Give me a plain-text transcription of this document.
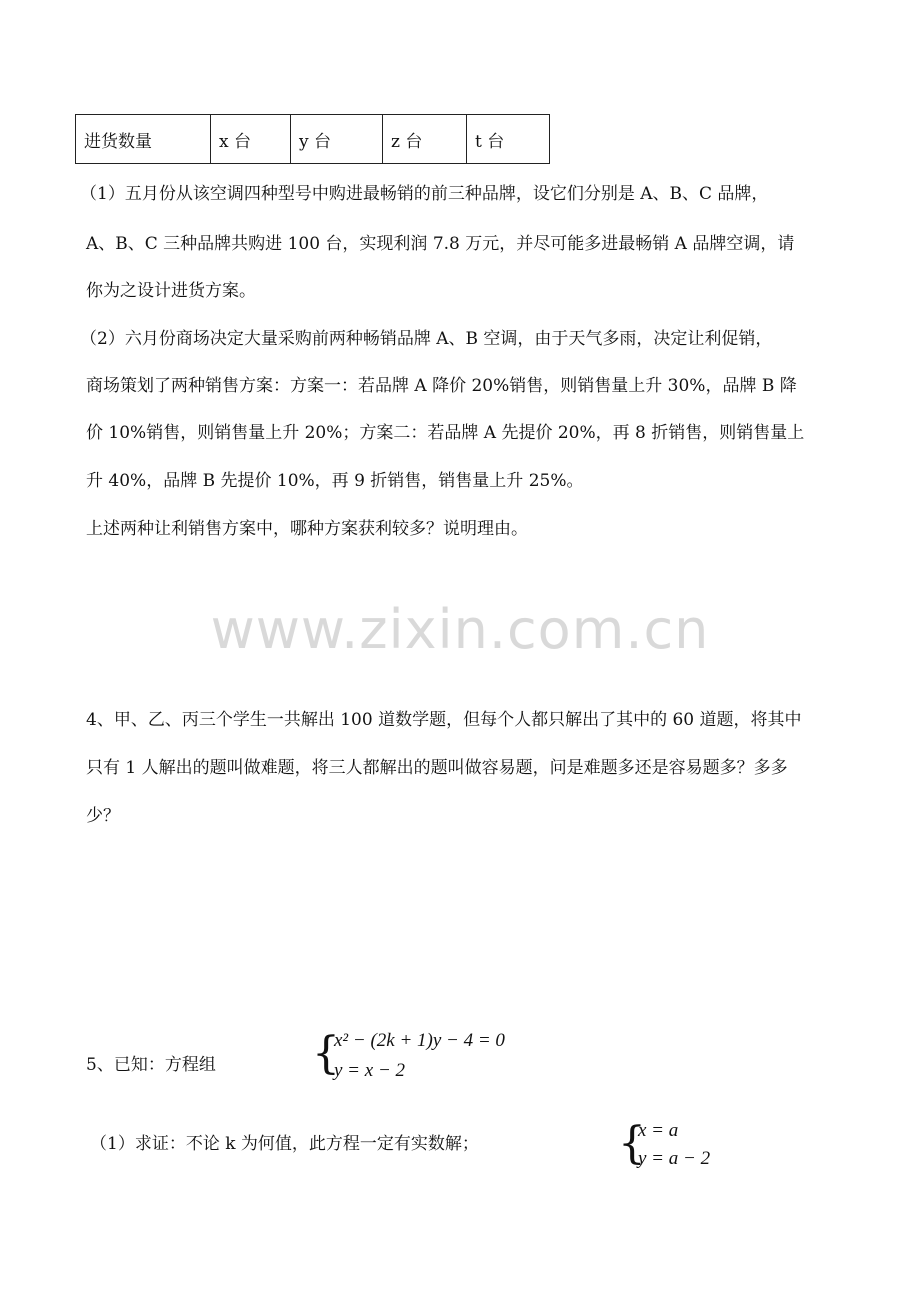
进货数量	x 台	y 台	z 台	t 台
（1）五月份从该空调四种型号中购进最畅销的前三种品牌，设它们分别是 A、B、C 品牌，
A、B、C 三种品牌共购进 100 台，实现利润 7.8 万元，并尽可能多进最畅销 A 品牌空调，请
你为之设计进货方案。
（2）六月份商场决定大量采购前两种畅销品牌 A、B 空调，由于天气多雨，决定让利促销，
商场策划了两种销售方案：方案一：若品牌 A 降价 20%销售，则销售量上升 30%，品牌 B 降
价 10%销售，则销售量上升 20%；方案二：若品牌 A 先提价 20%，再 8 折销售，则销售量上
升 40%，品牌 B 先提价 10%，再 9 折销售，销售量上升 25%。
上述两种让利销售方案中，哪种方案获利较多？说明理由。
www.zixin.com.cn
4、甲、乙、丙三个学生一共解出 100 道数学题，但每个人都只解出了其中的 60 道题，将其中
只有 1 人解出的题叫做难题，将三人都解出的题叫做容易题，问是难题多还是容易题多？多多
少？
5、已知：方程组 {
x² − (2k + 1)y − 4 = 0
y = x − 2
（1）求证：不论 k 为何值，此方程一定有实数解；	{
x = a
y = a − 2
